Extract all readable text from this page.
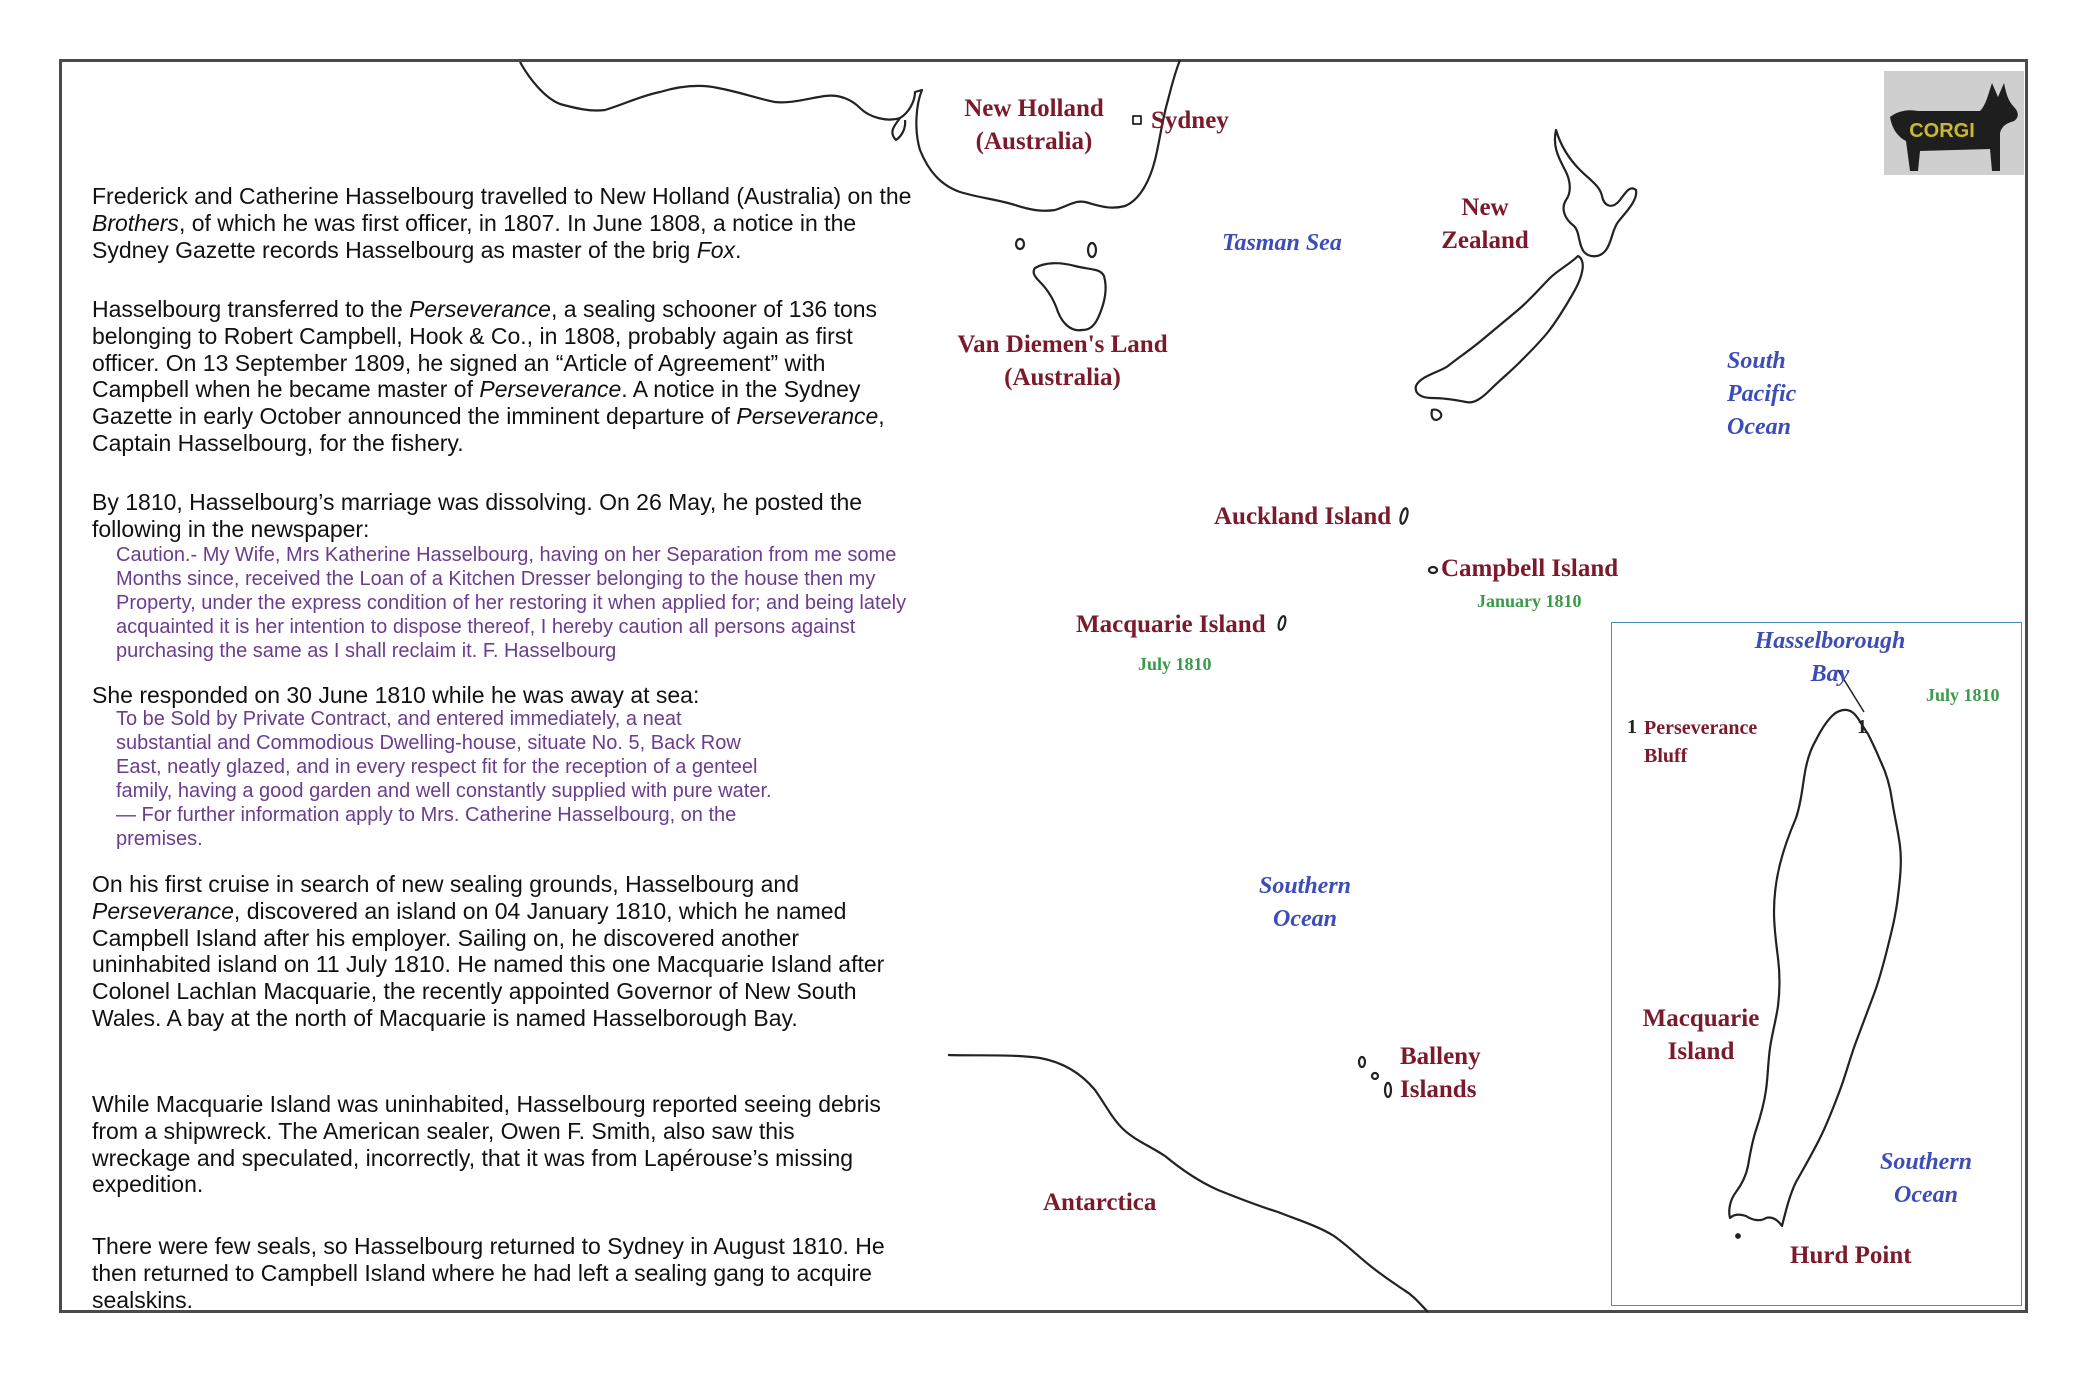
Frederick and Catherine Hasselbourg travelled to New Holland (Australia) on the Brothers, of which he was first officer, in 1807. In June 1808, a notice in the Sydney Gazette records Hasselbourg as master of the brig Fox.
Hasselbourg transferred to the Perseverance, a sealing schooner of 136 tons belonging to Robert Campbell, Hook & Co., in 1808, probably again as first officer. On 13 September 1809, he signed an “Article of Agreement” with Campbell when he became master of Perseverance. A notice in the Sydney Gazette in early October announced the imminent departure of Perseverance, Captain Hasselbourg, for the fishery.
By 1810, Hasselbourg’s marriage was dissolving. On 26 May, he posted the following in the newspaper:
Caution.- My Wife, Mrs Katherine Hasselbourg, having on her Separation from me some Months since, received the Loan of a Kitchen Dresser belonging to the house then my Property, under the express condition of her restoring it when applied for; and being lately acquainted it is her intention to dispose thereof, I hereby caution all persons against purchasing the same as I shall reclaim it. F. Hasselbourg
She responded on 30 June 1810 while he was away at sea:
To be Sold by Private Contract, and entered immediately, a neat substantial and Commodious Dwelling-house, situate No. 5, Back Row East, neatly glazed, and in every respect fit for the reception of a genteel family, having a good garden and well constantly supplied with pure water.— For further information apply to Mrs. Catherine Hasselbourg, on the premises.
On his first cruise in search of new sealing grounds, Hasselbourg and Perseverance, discovered an island on 04 January 1810, which he named Campbell Island after his employer. Sailing on, he discovered another uninhabited island on 11 July 1810. He named this one Macquarie Island after Colonel Lachlan Macquarie, the recently appointed Governor of New South Wales. A bay at the north of Macquarie is named Hasselborough Bay.
While Macquarie Island was uninhabited, Hasselbourg reported seeing debris from a shipwreck. The American sealer, Owen F. Smith, also saw this wreckage and speculated, incorrectly, that it was from Lapérouse’s missing expedition.
There were few seals, so Hasselbourg returned to Sydney in August 1810. He then returned to Campbell Island where he had left a sealing gang to acquire sealskins.
New Holland
(Australia)
Sydney
Tasman Sea
New
Zealand
Van Diemen's Land
(Australia)
South
Pacific
Ocean
Auckland Island
Campbell Island
January 1810
Macquarie Island
July 1810
Southern
Ocean
Balleny
Islands
Antarctica
Hasselborough
Bay
July 1810
1
1 Perseverance
Bluff
Macquarie
Island
Southern
Ocean
Hurd Point
CORGI
